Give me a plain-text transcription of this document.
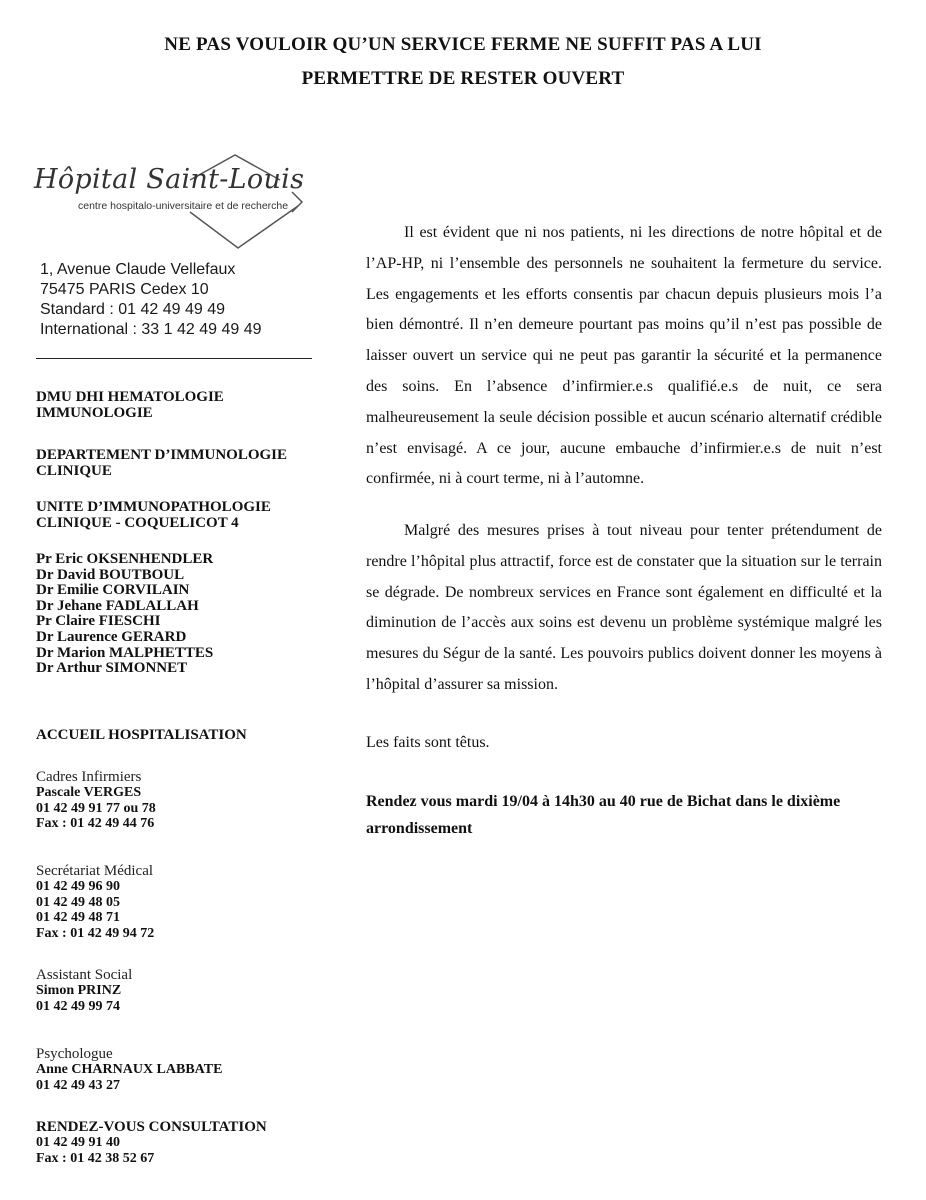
NE PAS VOULOIR QU’UN SERVICE FERME NE SUFFIT PAS A LUI
PERMETTRE DE RESTER OUVERT
Hôpital Saint-Louis
centre hospitalo-universitaire et de recherche
1, Avenue Claude Vellefaux
75475 PARIS Cedex 10
Standard : 01 42 49 49 49
International : 33 1 42 49 49 49
DMU DHI HEMATOLOGIE
IMMUNOLOGIE
DEPARTEMENT D’IMMUNOLOGIE
CLINIQUE
UNITE D’IMMUNOPATHOLOGIE
CLINIQUE - COQUELICOT 4
Pr Eric OKSENHENDLER
Dr David BOUTBOUL
Dr Emilie CORVILAIN
Dr Jehane FADLALLAH
Pr Claire FIESCHI
Dr Laurence GERARD
Dr Marion MALPHETTES
Dr Arthur SIMONNET
ACCUEIL HOSPITALISATION
Cadres Infirmiers
Pascale VERGES
01 42 49 91 77 ou 78
Fax : 01 42 49 44 76
Secrétariat Médical
01 42 49 96 90
01 42 49 48 05
01 42 49 48 71
Fax : 01 42 49 94 72
Assistant Social
Simon PRINZ
01 42 49 99 74
Psychologue
Anne CHARNAUX LABBATE
01 42 49 43 27
RENDEZ-VOUS CONSULTATION
01 42 49 91 40
Fax : 01 42 38 52 67

Il est évident que ni nos patients, ni les directions de notre hôpital et de l’AP-HP, ni l’ensemble des personnels ne souhaitent la fermeture du service. Les engagements et les efforts consentis par chacun depuis plusieurs mois l’a bien démontré. Il n’en demeure pourtant pas moins qu’il n’est pas possible de laisser ouvert un service qui ne peut pas garantir la sécurité et la permanence des soins. En l’absence d’infirmier.e.s qualifié.e.s de nuit, ce sera malheureusement la seule décision possible et aucun scénario alternatif crédible n’est envisagé. A ce jour, aucune embauche d’infirmier.e.s de nuit n’est confirmée, ni à court terme, ni à l’automne.

Malgré des mesures prises à tout niveau pour tenter prétendument de rendre l’hôpital plus attractif, force est de constater que la situation sur le terrain se dégrade. De nombreux services en France sont également en difficulté et la diminution de l’accès aux soins est devenu un problème systémique malgré les mesures du Ségur de la santé. Les pouvoirs publics doivent donner les moyens à l’hôpital d’assurer sa mission.

Les faits sont têtus.

Rendez vous mardi 19/04 à 14h30 au 40 rue de Bichat dans le dixième arrondissement
